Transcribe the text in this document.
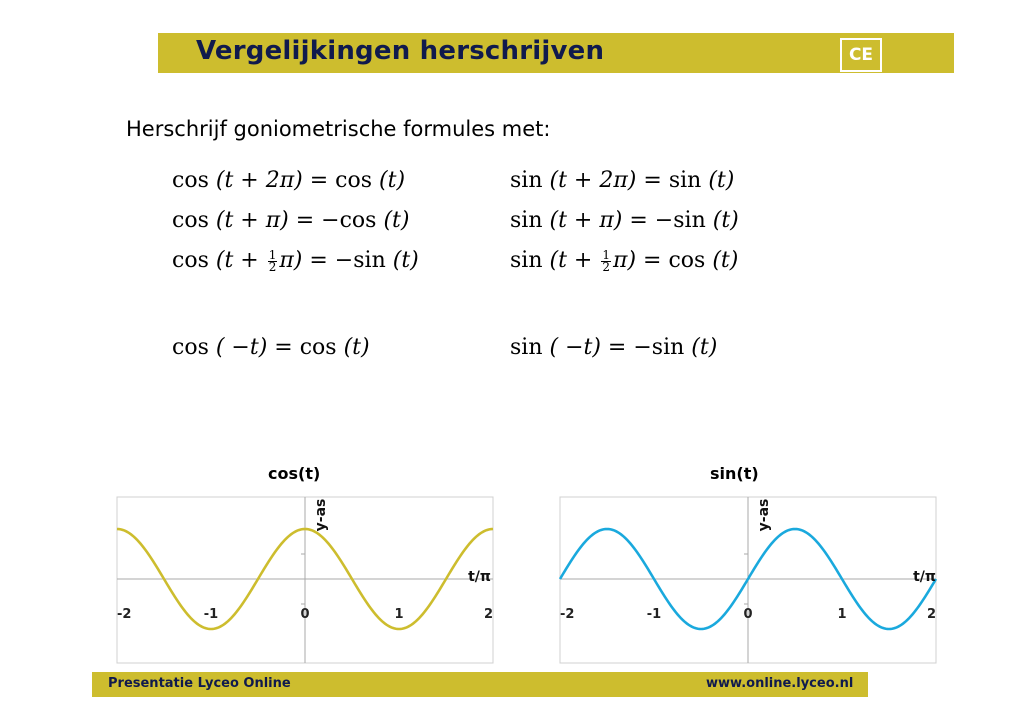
Vergelijkingen herschrijven	CE
Herschrijf goniometrische formules met:
cos (t + 2π) = cos (t)	sin (t + 2π) = sin (t)
cos (t + π) = −cos (t)	sin (t + π) = −sin (t)
$\cos (t + \frac{1}{2} \pi) = -\sin$ (t)	$\sin (t + \frac{1}{2} \pi) = \cos (t)$
cos ( −t) = cos (t)	sin ( −t) = −sin (t)
cos(t)	sin(t)
-2	-1	0	1	2
t/π
y-as
-2	-1	0	1	2
t/π
y-as
Presentatie Lyceo Online	www.online.lyceo.nl
